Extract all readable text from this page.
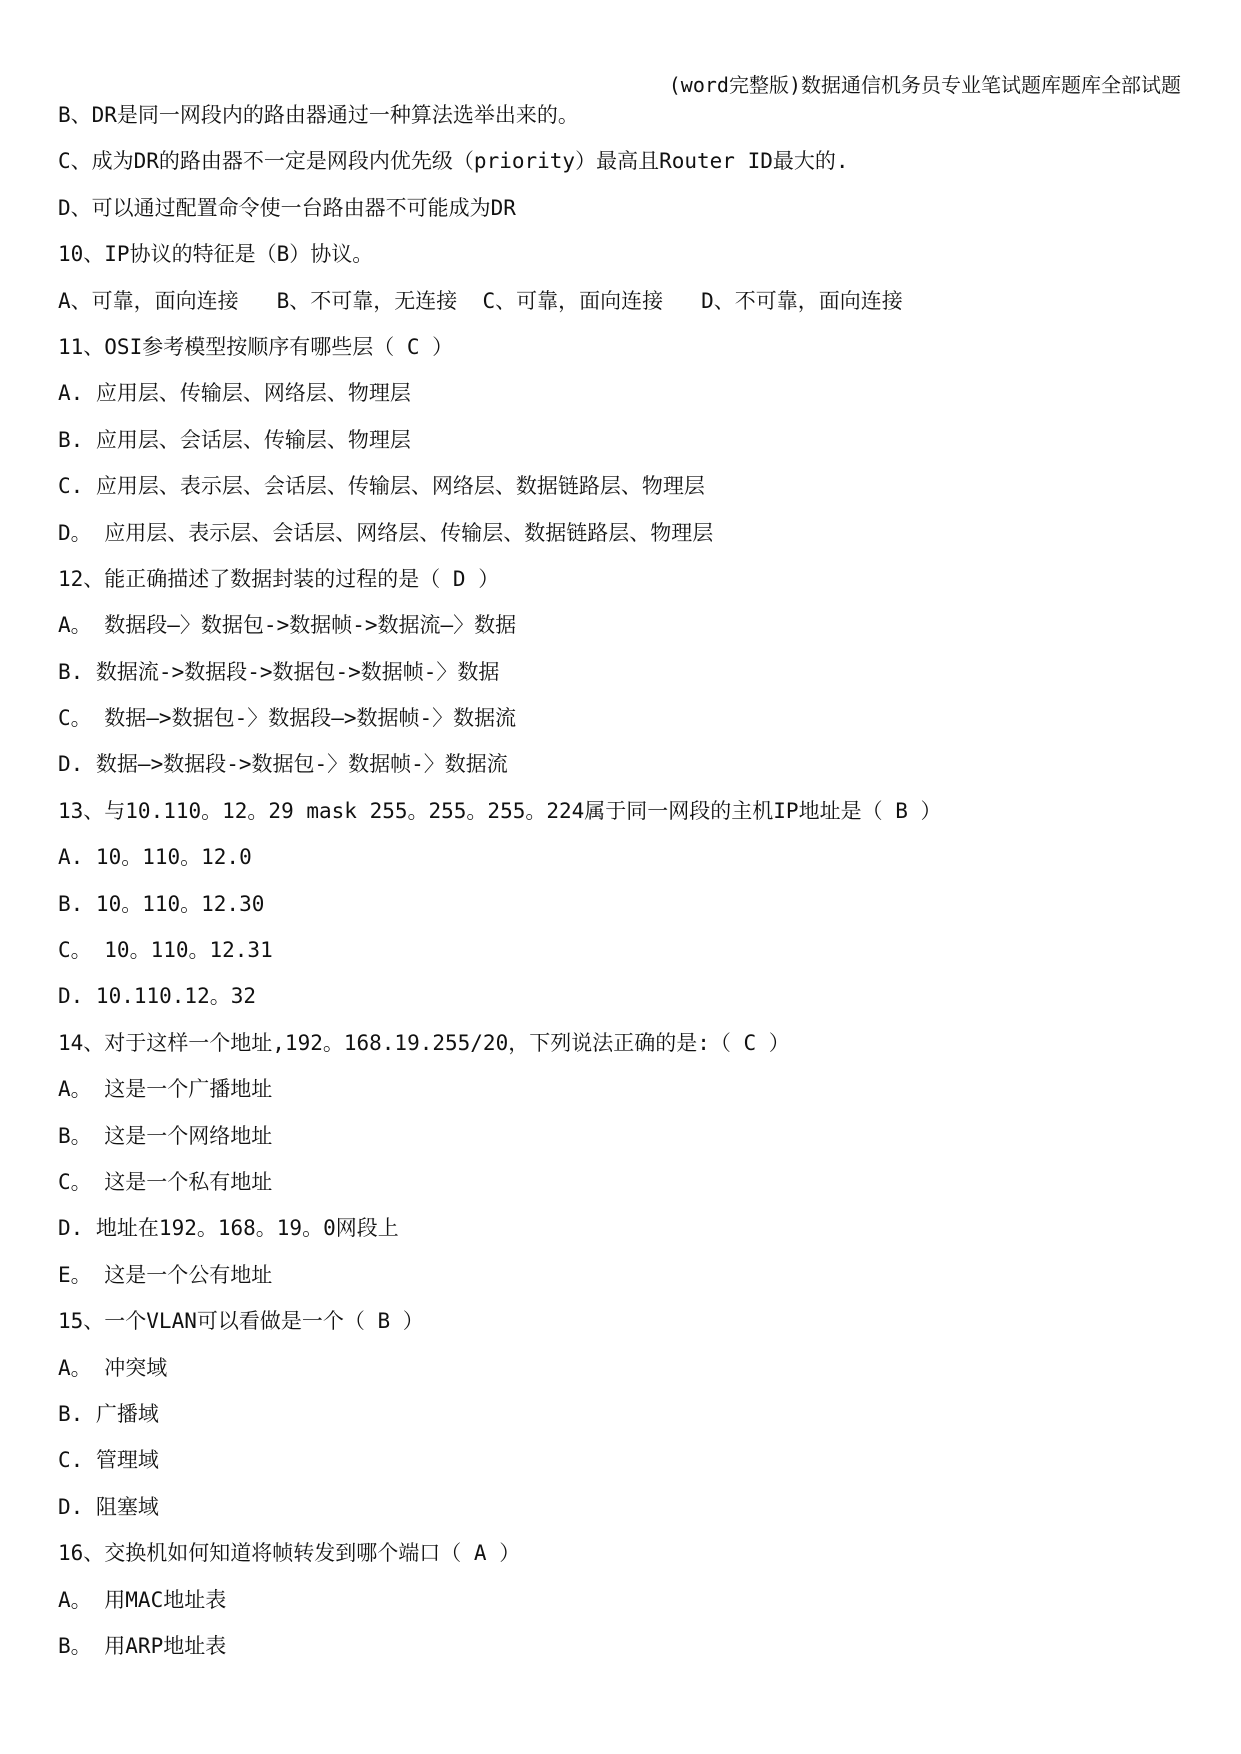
(word完整版)数据通信机务员专业笔试题库题库全部试题
B、DR是同一网段内的路由器通过一种算法选举出来的。
C、成为DR的路由器不一定是网段内优先级（priority）最高且Router ID最大的.
D、可以通过配置命令使一台路由器不可能成为DR
10、IP协议的特征是（B）协议。
A、可靠，面向连接   B、不可靠，无连接  C、可靠，面向连接   D、不可靠，面向连接
11、OSI参考模型按顺序有哪些层（ C ）
A. 应用层、传输层、网络层、物理层
B. 应用层、会话层、传输层、物理层
C. 应用层、表示层、会话层、传输层、网络层、数据链路层、物理层
D。 应用层、表示层、会话层、网络层、传输层、数据链路层、物理层
12、能正确描述了数据封装的过程的是（ D ）
A。 数据段—〉数据包->数据帧->数据流—〉数据
B. 数据流->数据段->数据包->数据帧-〉数据
C。 数据—>数据包-〉数据段—>数据帧-〉数据流
D. 数据—>数据段->数据包-〉数据帧-〉数据流
13、与10.110。12。29 mask 255。255。255。224属于同一网段的主机IP地址是（ B ）
A. 10。110。12.0
B. 10。110。12.30
C。 10。110。12.31
D. 10.110.12。32
14、对于这样一个地址,192。168.19.255/20，下列说法正确的是:（ C ）
A。 这是一个广播地址
B。 这是一个网络地址
C。 这是一个私有地址
D. 地址在192。168。19。0网段上
E。 这是一个公有地址
15、一个VLAN可以看做是一个（ B ）
A。 冲突域
B. 广播域
C. 管理域
D. 阻塞域
16、交换机如何知道将帧转发到哪个端口（ A ）
A。 用MAC地址表
B。 用ARP地址表
